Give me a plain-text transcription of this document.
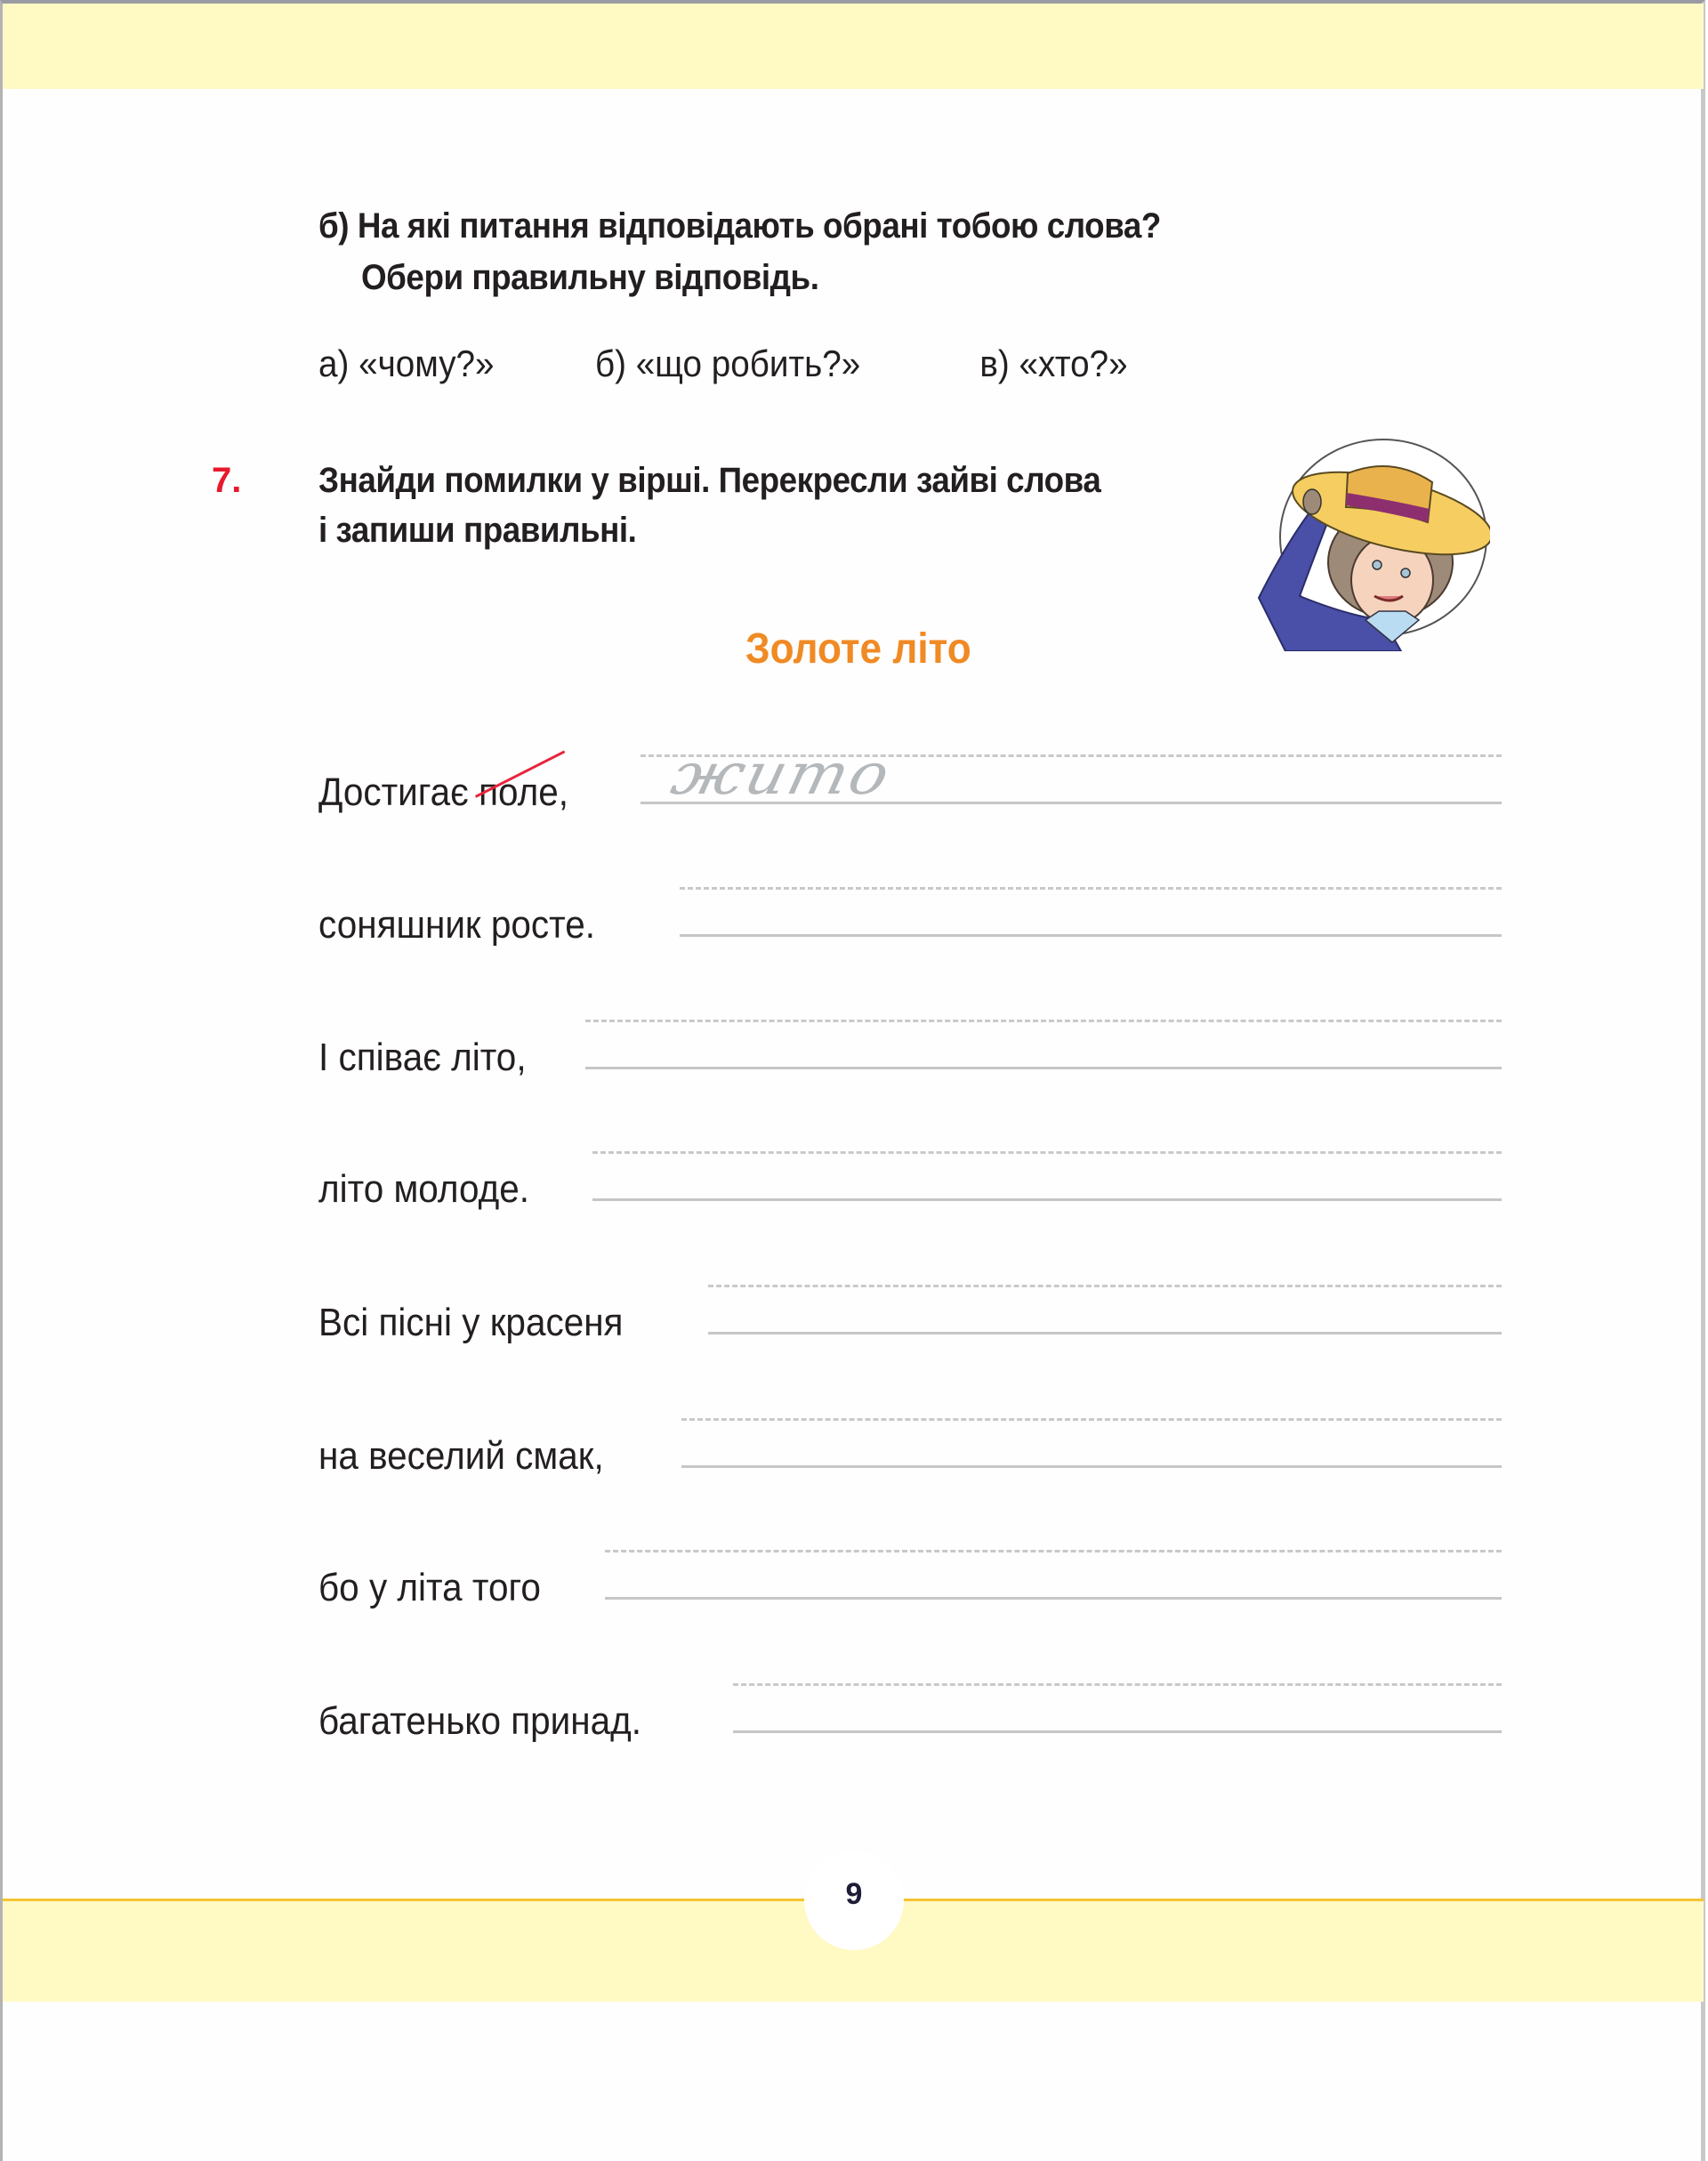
б) На які питання відповідають обрані тобою слова?
Обери правильну відповідь.
а) «чому?»	б) «що робить?»	в) «хто?»
7. Знайди помилки у вірші. Перекресли зайві слова
і запиши правильні.
Золоте літо
Достигає поле
, жито
соняшник росте.
І співає літо,
літо молоде.
Всі пісні у красеня
на веселий смак,
бо у літа того
багатенько принад.
9
